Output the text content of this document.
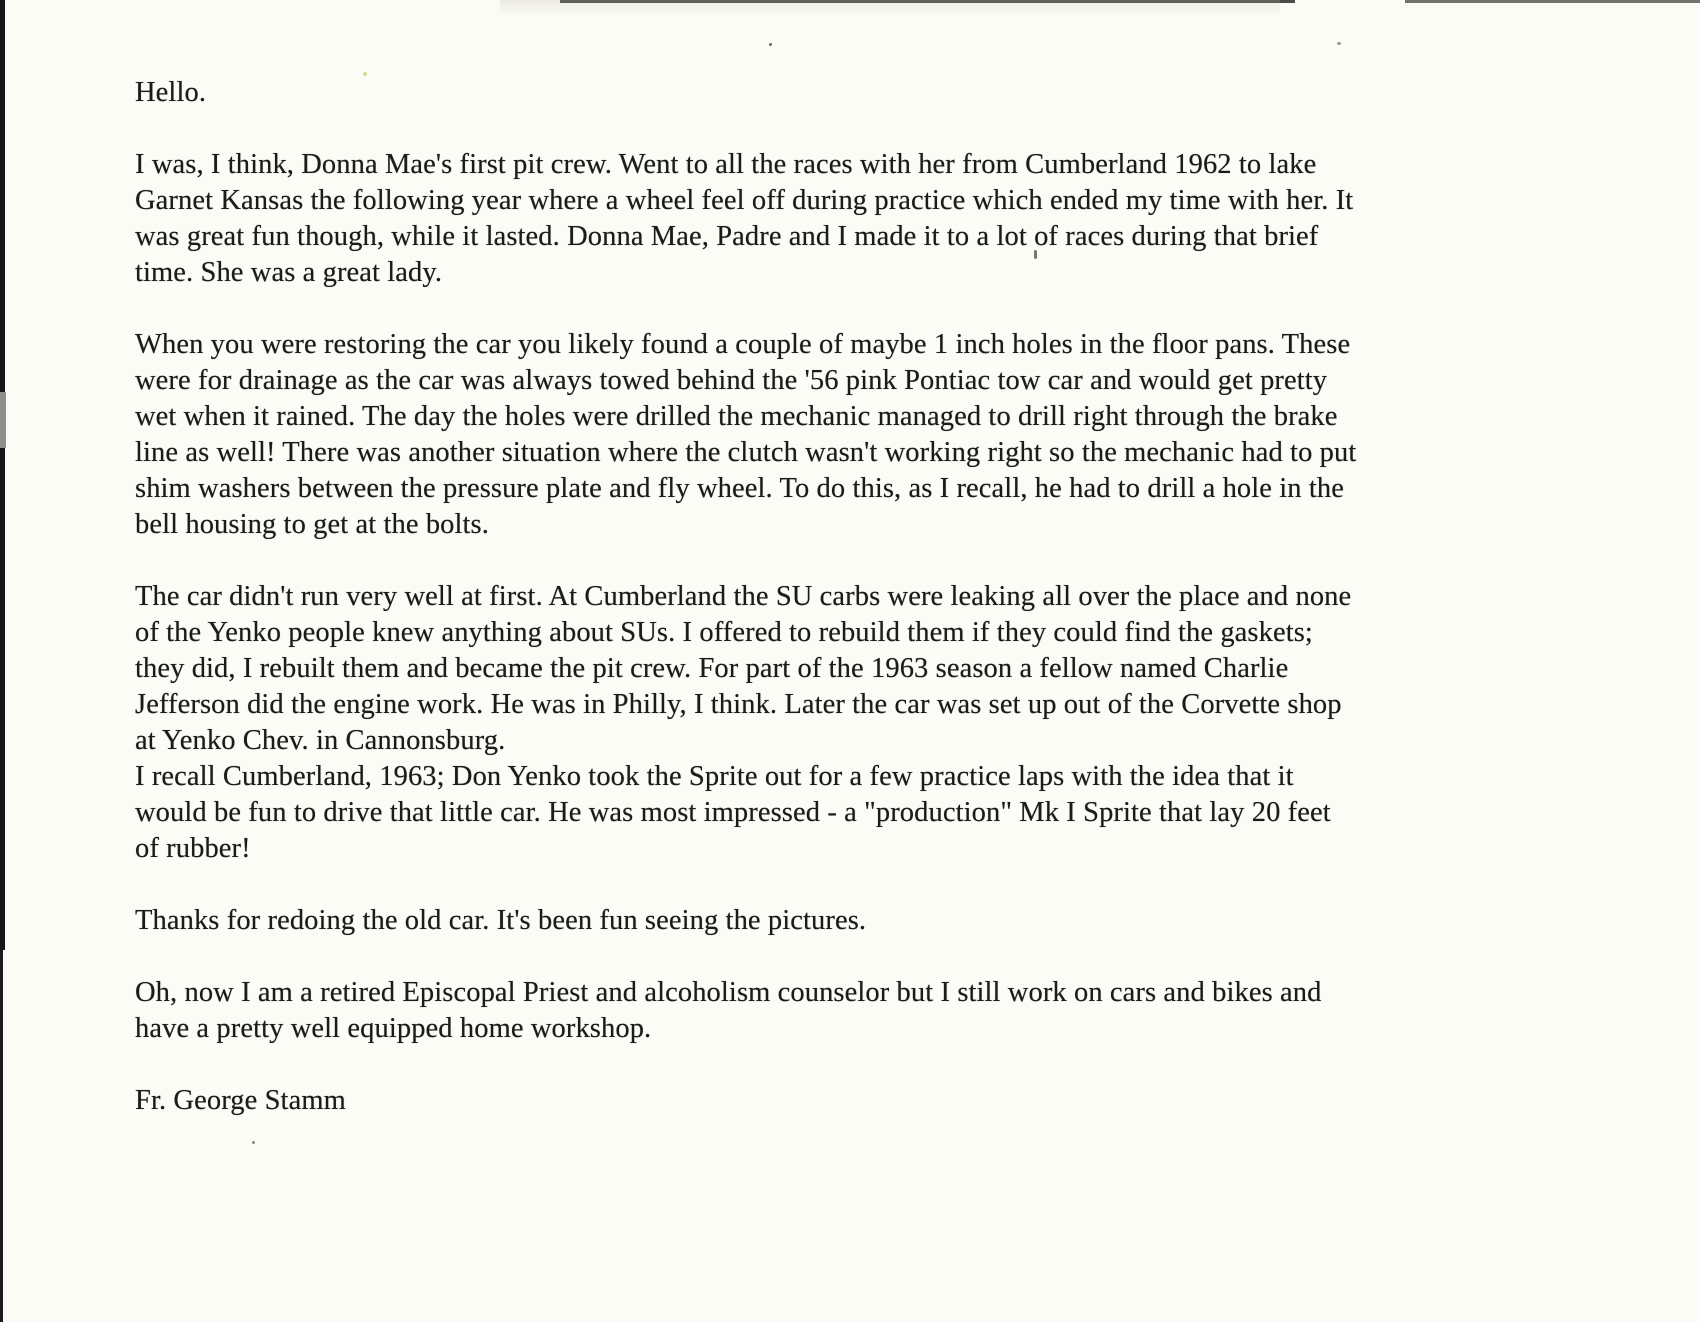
Hello.
I was, I think, Donna Mae's first pit crew. Went to all the races with her from Cumberland 1962 to lake
Garnet Kansas the following year where a wheel feel off during practice which ended my time with her. It
was great fun though, while it lasted. Donna Mae, Padre and I made it to a lot of races during that brief
time. She was a great lady.
When you were restoring the car you likely found a couple of maybe 1 inch holes in the floor pans. These
were for drainage as the car was always towed behind the '56 pink Pontiac tow car and would get pretty
wet when it rained. The day the holes were drilled the mechanic managed to drill right through the brake
line as well! There was another situation where the clutch wasn't working right so the mechanic had to put
shim washers between the pressure plate and fly wheel. To do this, as I recall, he had to drill a hole in the
bell housing to get at the bolts.
The car didn't run very well at first. At Cumberland the SU carbs were leaking all over the place and none
of the Yenko people knew anything about SUs. I offered to rebuild them if they could find the gaskets;
they did, I rebuilt them and became the pit crew. For part of the 1963 season a fellow named Charlie
Jefferson did the engine work. He was in Philly, I think. Later the car was set up out of the Corvette shop
at Yenko Chev. in Cannonsburg.
I recall Cumberland, 1963; Don Yenko took the Sprite out for a few practice laps with the idea that it
would be fun to drive that little car. He was most impressed - a "production" Mk I Sprite that lay 20 feet
of rubber!
Thanks for redoing the old car. It's been fun seeing the pictures.
Oh, now I am a retired Episcopal Priest and alcoholism counselor but I still work on cars and bikes and
have a pretty well equipped home workshop.
Fr. George Stamm
